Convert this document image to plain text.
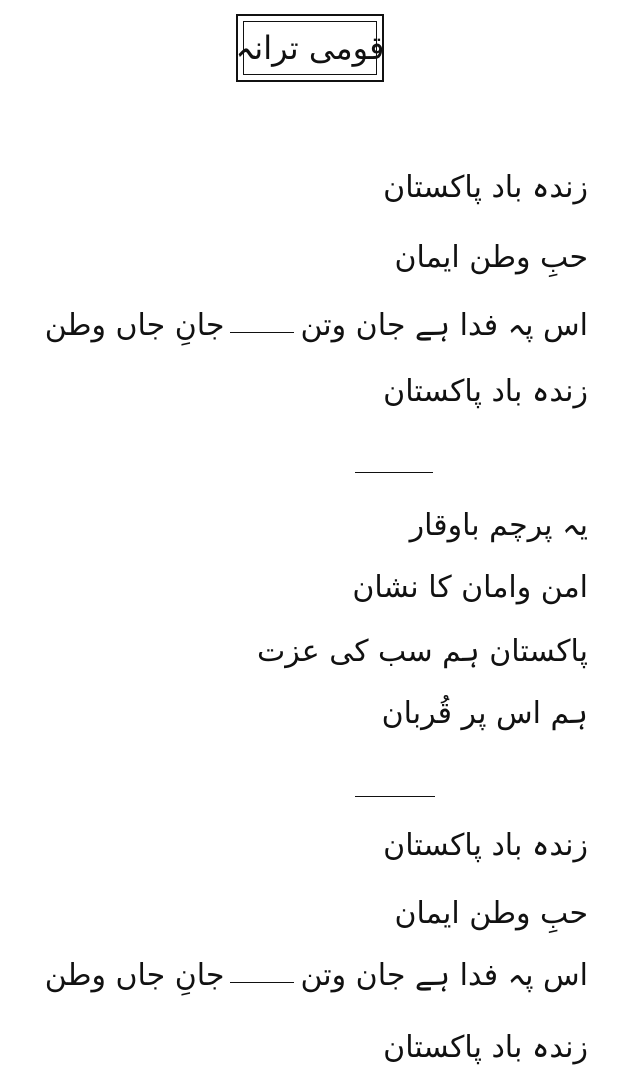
قومی ترانہ
زندہ باد پاکستان
حبِ وطن ایمان
اس پہ فدا ہے جان وتنجانِ جاں وطن
زندہ باد پاکستان
یہ پرچم باوقار
امن وامان کا نشان
پاکستان ہم سب کی عزت
ہم اس پر قُربان
زندہ باد پاکستان
حبِ وطن ایمان
اس پہ فدا ہے جان وتنجانِ جاں وطن
زندہ باد پاکستان
